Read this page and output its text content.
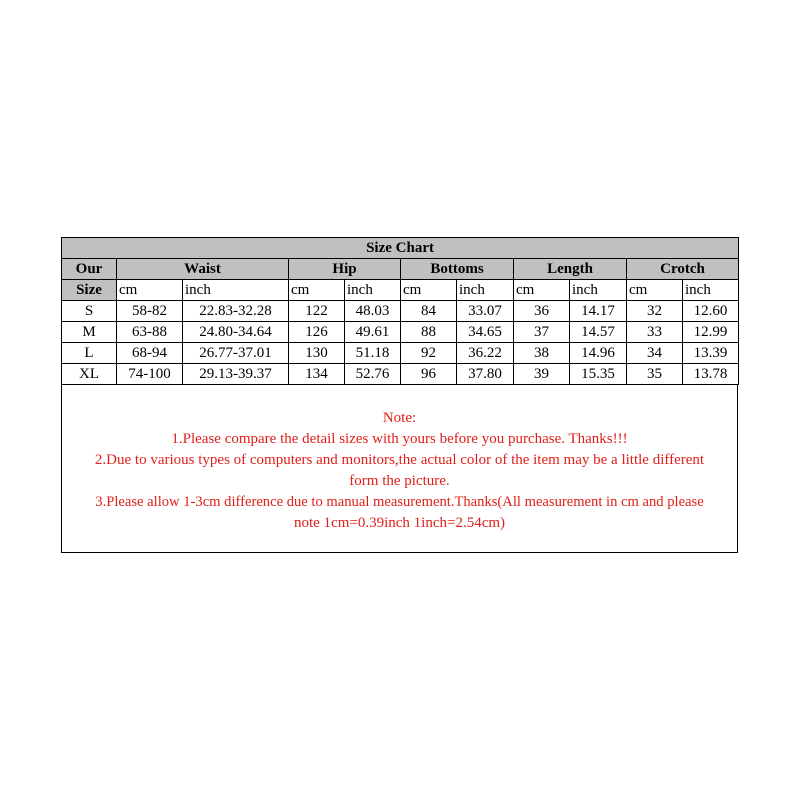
Size Chart										
Our	Waist		Hip		Bottoms		Length		Crotch	
Size	cm	inch	cm	inch	cm	inch	cm	inch	cm	inch
S	58-82	22.83-32.28	122	48.03	84	33.07	36	14.17	32	12.60
M	63-88	24.80-34.64	126	49.61	88	34.65	37	14.57	33	12.99
L	68-94	26.77-37.01	130	51.18	92	36.22	38	14.96	34	13.39
XL	74-100	29.13-39.37	134	52.76	96	37.80	39	15.35	35	13.78
Note:
1.Please compare the detail sizes with yours before you purchase. Thanks!!!
2.Due to various types of computers and monitors,the actual color of the item may be a little different
form the picture.
3.Please allow 1-3cm difference due to manual measurement.Thanks(All measurement in cm and please
note 1cm=0.39inch 1inch=2.54cm)
